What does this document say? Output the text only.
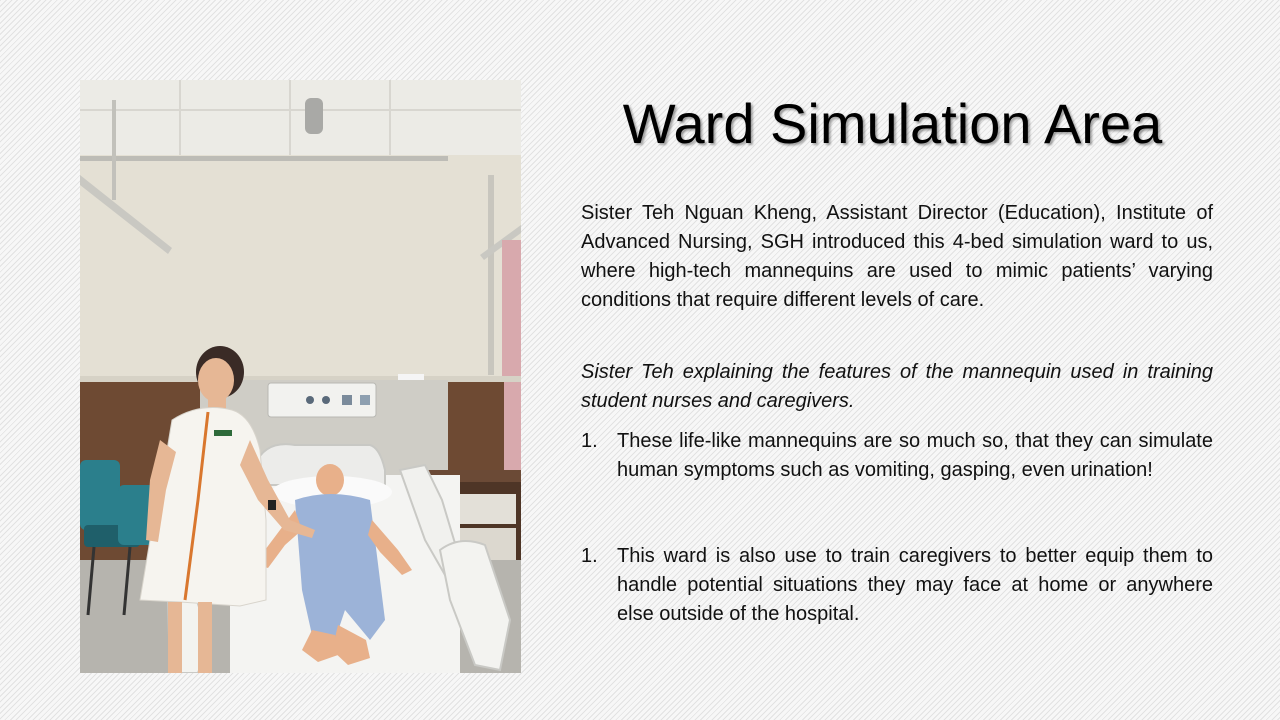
Ward Simulation Area

Sister Teh Nguan Kheng, Assistant Director (Education), Institute of Advanced Nursing, SGH introduced this 4-bed simulation ward to us, where high-tech mannequins are used to mimic patients’ varying conditions that require different levels of care.

Sister Teh explaining the features of the mannequin used in training student nurses and caregivers.

1. These life-like mannequins are so much so, that they can simulate human symptoms such as vomiting, gasping, even urination!
1. This ward is also use to train caregivers to better equip them to handle potential situations they may face at home or anywhere else outside of the hospital.
